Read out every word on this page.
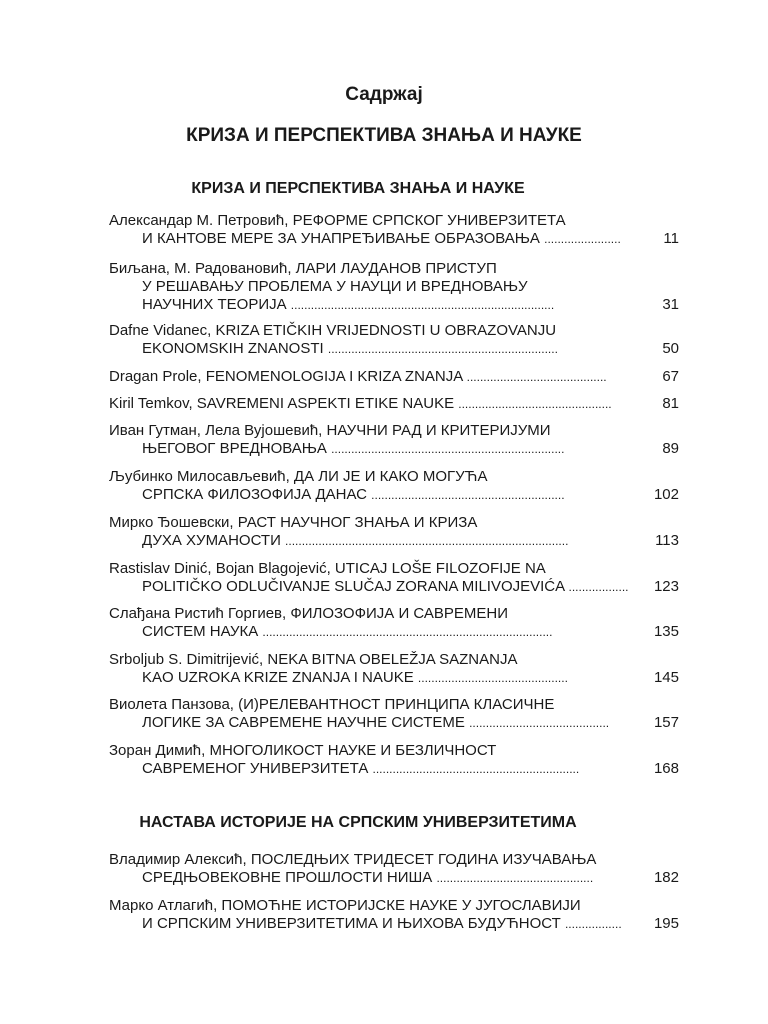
Садржај
КРИЗА И ПЕРСПЕКТИВА ЗНАЊА И НАУКЕ
КРИЗА И ПЕРСПЕКТИВА ЗНАЊА И НАУКЕ
Александар М. Петровић, РЕФОРМЕ СРПСКОГ УНИВЕРЗИТЕТА
И КАНТОВЕ МЕРЕ ЗА УНАПРЕЂИВАЊЕ ОБРАЗОВАЊА .......................	11
Биљана, М. Радовановић, ЛАРИ ЛАУДАНОВ ПРИСТУП
У РЕШАВАЊУ ПРОБЛЕМА У НАУЦИ И ВРЕДНОВАЊУ
НАУЧНИХ ТЕОРИЈА ...............................................................................	31
Dafne Vidanec, KRIZA ETIČKIH VRIJEDNOSTI U OBRAZOVANJU
EKONOMSKIH ZNANOSTI .....................................................................	50
Dragan Prole, FENOMENOLOGIJA I KRIZA ZNANJA ..........................................	67
Kiril Temkov, SAVREMENI ASPEKTI ETIKE NAUKE ..............................................	81
Иван Гутман, Лела Вујошевић, НАУЧНИ РАД И КРИТЕРИЈУМИ
ЊЕГОВОГ ВРЕДНОВАЊА ......................................................................	89
Љубинко Милосављевић, ДА ЛИ ЈЕ И КАКО МОГУЋА
СРПСКА ФИЛОЗОФИЈА ДАНАС ..........................................................	102
Мирко Ђошевски, РАСТ НАУЧНОГ ЗНАЊА И КРИЗА
ДУХА ХУМАНОСТИ .....................................................................................	113
Rastislav Dinić, Bojan Blagojević, UTICAJ LOŠE FILOZOFIJE NA
POLITIČKO ODLUČIVANJE SLUČAJ ZORANA MILIVOJEVIĆA .................. 123
Слађана Ристић Горгиев, ФИЛОЗОФИЈА И САВРЕМЕНИ
СИСТЕМ НАУКА .......................................................................................	135
Srboljub S. Dimitrijević, NEKA BITNA OBELEŽJA SAZNANJA
KAO UZROKA KRIZE ZNANJA I NAUKE .............................................	145
Виолета Панзова, (И)РЕЛЕВАНТНОСТ ПРИНЦИПА КЛАСИЧНЕ
ЛОГИКЕ ЗА САВРЕМЕНЕ НАУЧНЕ СИСТЕМЕ ..........................................	157
Зоран Димић, МНОГОЛИКОСТ НАУКЕ И БЕЗЛИЧНОСТ
САВРЕМЕНОГ УНИВЕРЗИТЕТА ..............................................................	168
НАСТАВА ИСТОРИЈЕ НА СРПСКИМ УНИВЕРЗИТЕТИМА
Владимир Алексић, ПОСЛЕДЊИХ ТРИДЕСЕТ ГОДИНА ИЗУЧАВАЊА
СРЕДЊОВЕКОВНЕ ПРОШЛОСТИ НИША ...............................................	182
Марко Атлагић, ПОМОЋНЕ ИСТОРИЈСКЕ НАУКЕ У ЈУГОСЛАВИЈИ
И СРПСКИМ УНИВЕРЗИТЕТИМА И ЊИХОВА БУДУЋНОСТ ................. 195
